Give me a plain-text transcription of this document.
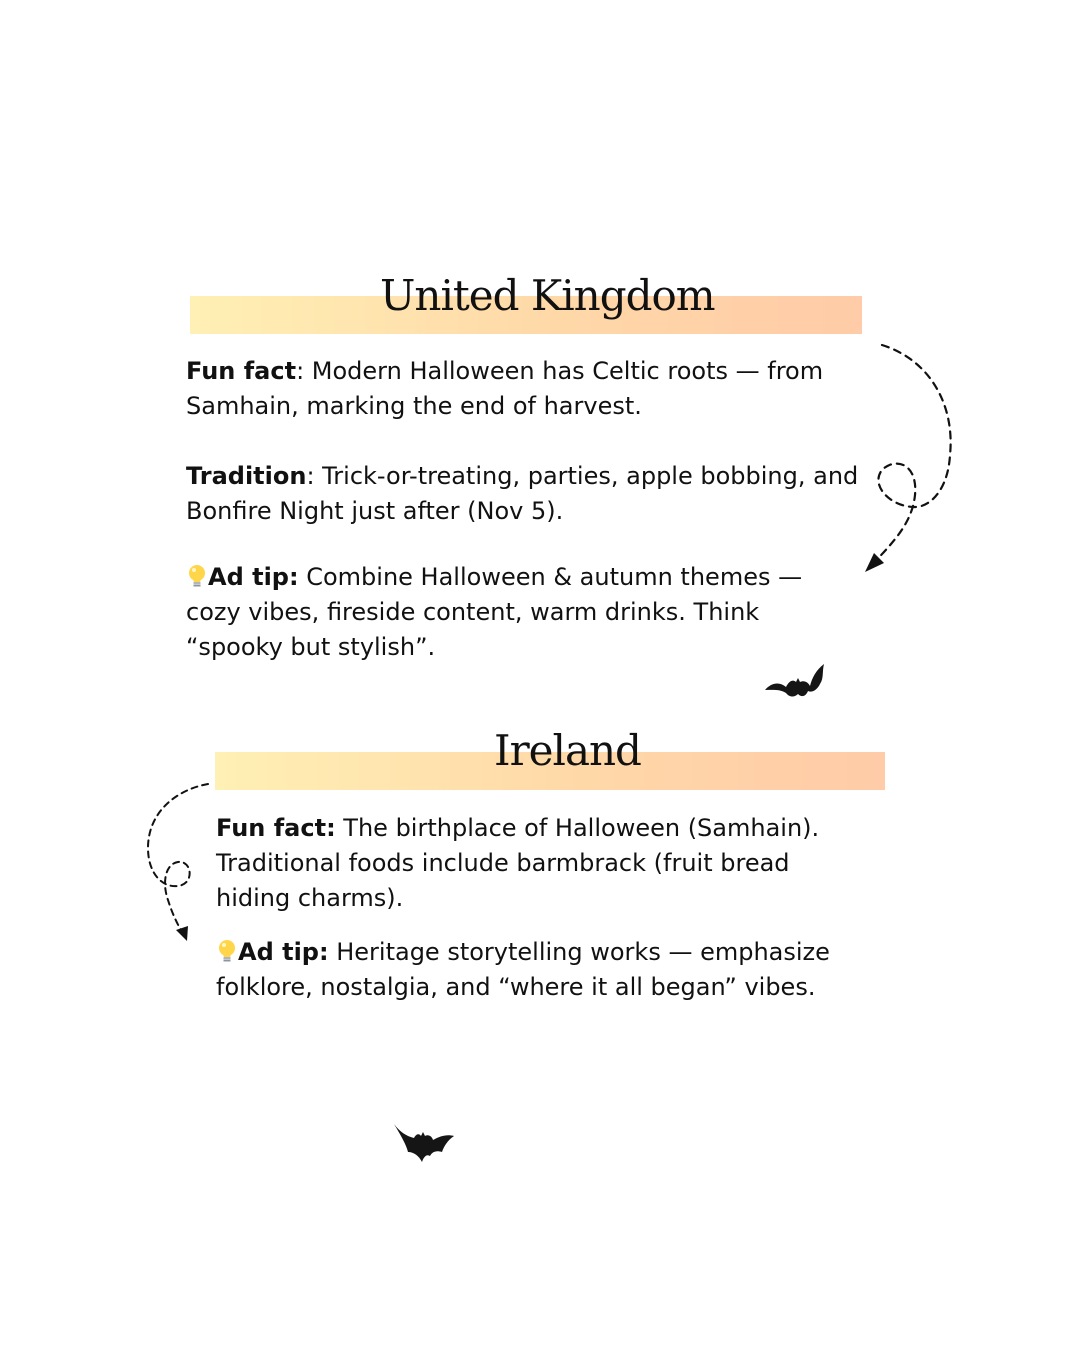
United Kingdom

Fun fact: Modern Halloween has Celtic roots — from Samhain, marking the end of harvest.

Tradition: Trick-or-treating, parties, apple bobbing, and Bonfire Night just after (Nov 5).

Ad tip: Combine Halloween & autumn themes — cozy vibes, fireside content, warm drinks. Think “spooky but stylish”.

Ireland

Fun fact: The birthplace of Halloween (Samhain). Traditional foods include barmbrack (fruit bread hiding charms).

Ad tip: Heritage storytelling works — emphasize folklore, nostalgia, and “where it all began” vibes.
